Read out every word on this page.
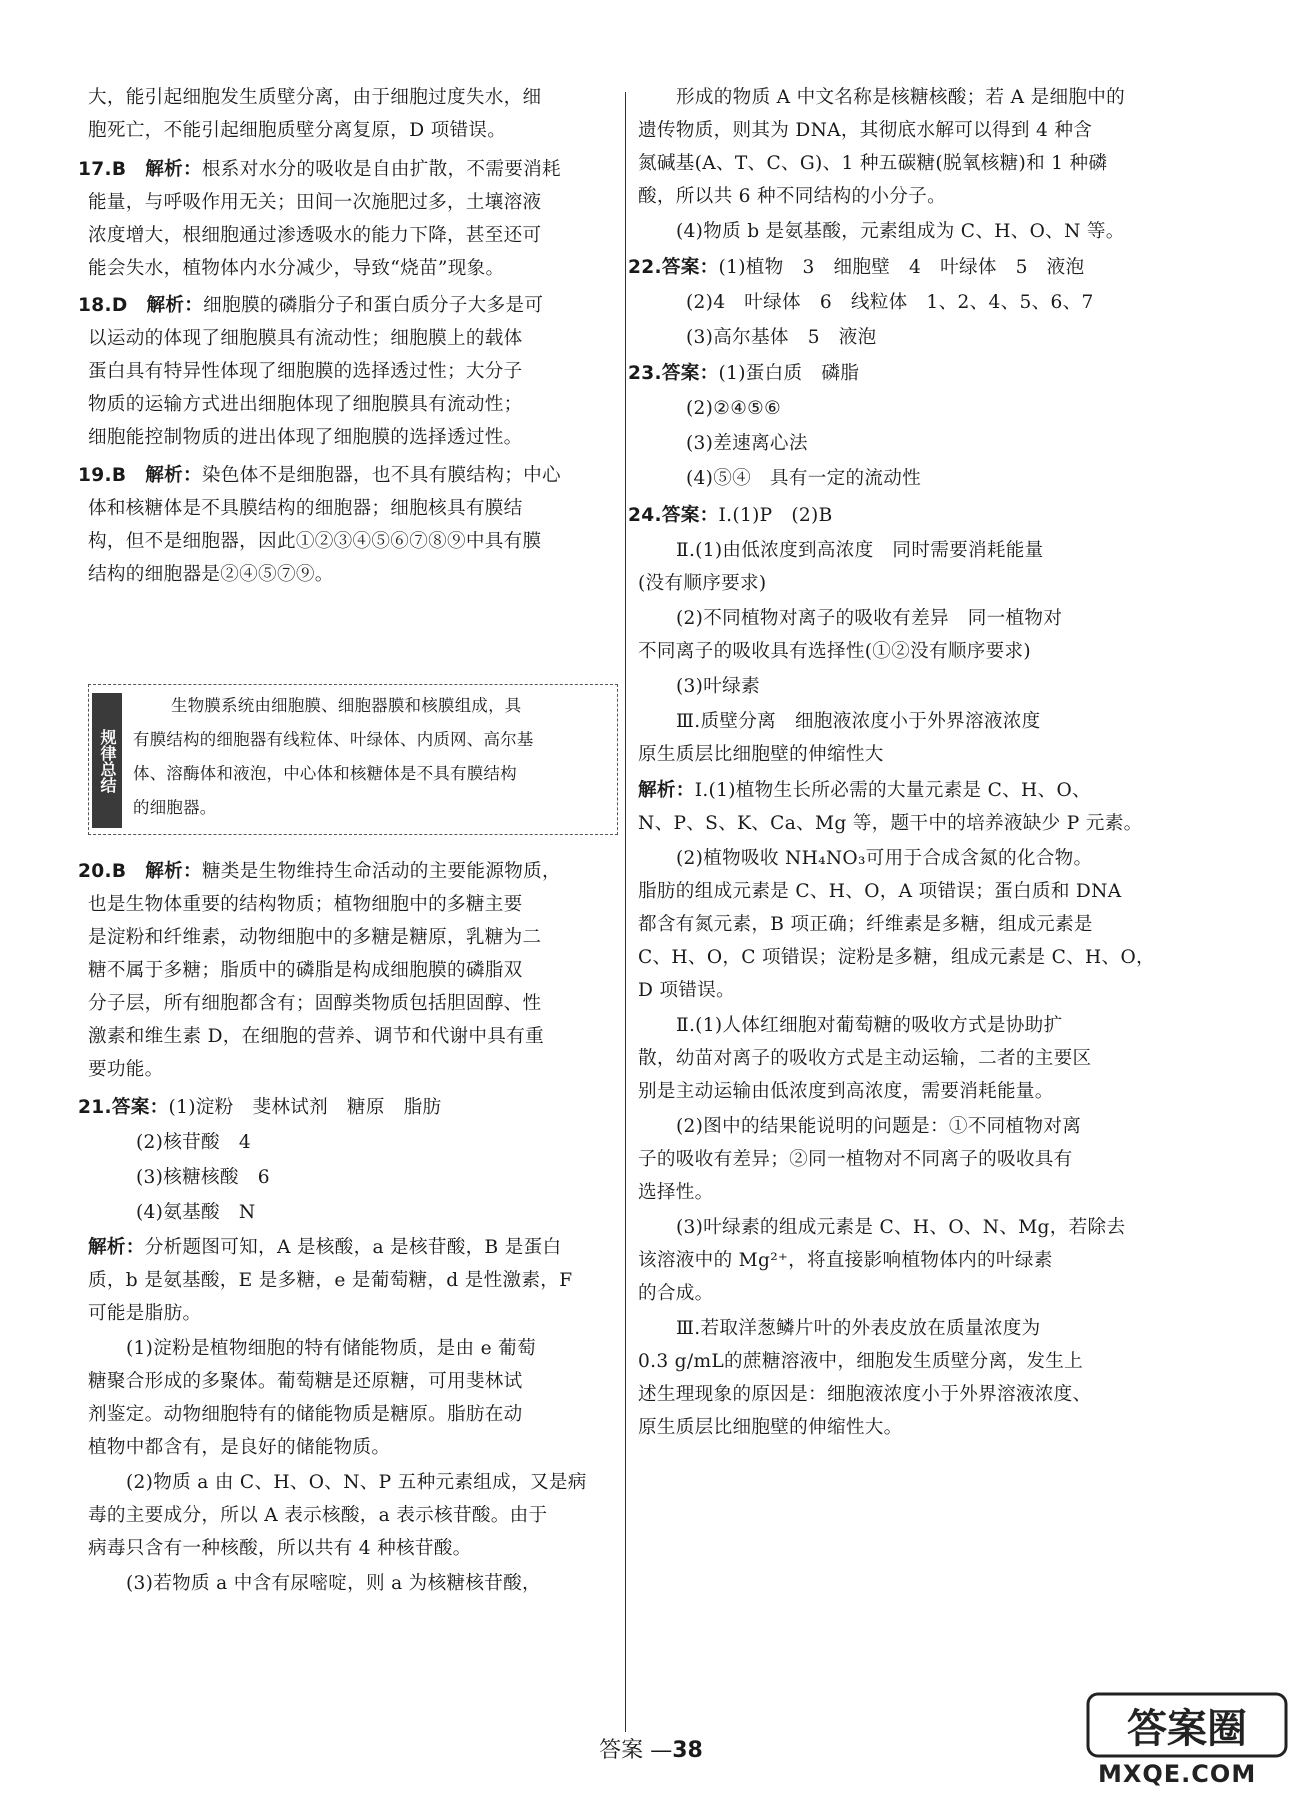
大，能引起细胞发生质壁分离，由于细胞过度失水，细
胞死亡，不能引起细胞质壁分离复原，D 项错误。
17.B　 解析：根系对水分的吸收是自由扩散，不需要消耗
能量，与呼吸作用无关；田间一次施肥过多，土壤溶液
浓度增大，根细胞通过渗透吸水的能力下降，甚至还可
能会失水，植物体内水分减少，导致“烧苗”现象。
18.D　 解析：细胞膜的磷脂分子和蛋白质分子大多是可
以运动的体现了细胞膜具有流动性；细胞膜上的载体
蛋白具有特异性体现了细胞膜的选择透过性；大分子
物质的运输方式进出细胞体现了细胞膜具有流动性；
细胞能控制物质的进出体现了细胞膜的选择透过性。
19.B　 解析：染色体不是细胞器，也不具有膜结构；中心
体和核糖体是不具膜结构的细胞器；细胞核具有膜结
构，但不是细胞器，因此①②③④⑤⑥⑦⑧⑨中具有膜
结构的细胞器是②④⑤⑦⑨。
规律总结
生物膜系统由细胞膜、细胞器膜和核膜组成，具
有膜结构的细胞器有线粒体、叶绿体、内质网、高尔基
体、溶酶体和液泡，中心体和核糖体是不具有膜结构
的细胞器。
20.B　 解析：糖类是生物维持生命活动的主要能源物质，
也是生物体重要的结构物质；植物细胞中的多糖主要
是淀粉和纤维素，动物细胞中的多糖是糖原，乳糖为二
糖不属于多糖；脂质中的磷脂是构成细胞膜的磷脂双
分子层，所有细胞都含有；固醇类物质包括胆固醇、性
激素和维生素 D，在细胞的营养、调节和代谢中具有重
要功能。
21.答案：(1)淀粉　斐林试剂　糖原　脂肪
(2)核苷酸　4
(3)核糖核酸　6
(4)氨基酸　N
解析：分析题图可知，A 是核酸，a 是核苷酸，B 是蛋白
质，b 是氨基酸，E 是多糖，e 是葡萄糖，d 是性激素，F
可能是脂肪。
(1)淀粉是植物细胞的特有储能物质，是由 e 葡萄
糖聚合形成的多聚体。葡萄糖是还原糖，可用斐林试
剂鉴定。动物细胞特有的储能物质是糖原。脂肪在动
植物中都含有，是良好的储能物质。
(2)物质 a 由 C、H、O、N、P 五种元素组成，又是病
毒的主要成分，所以 A 表示核酸，a 表示核苷酸。由于
病毒只含有一种核酸，所以共有 4 种核苷酸。
(3)若物质 a 中含有尿嘧啶，则 a 为核糖核苷酸，
形成的物质 A 中文名称是核糖核酸；若 A 是细胞中的
遗传物质，则其为 DNA，其彻底水解可以得到 4 种含
氮碱基(A、T、C、G)、1 种五碳糖(脱氧核糖)和 1 种磷
酸，所以共 6 种不同结构的小分子。
(4)物质 b 是氨基酸，元素组成为 C、H、O、N 等。
22.答案：(1)植物　3　细胞壁　4　叶绿体　5　液泡
(2)4　叶绿体　6　线粒体　1、2、4、5、6、7
(3)高尔基体　5　液泡
23.答案：(1)蛋白质　磷脂
(2)②④⑤⑥
(3)差速离心法
(4)⑤④　具有一定的流动性
24.答案：Ⅰ.(1)P　(2)B
Ⅱ.(1)由低浓度到高浓度　同时需要消耗能量
(没有顺序要求)
(2)不同植物对离子的吸收有差异　同一植物对
不同离子的吸收具有选择性(①②没有顺序要求)
(3)叶绿素
Ⅲ.质壁分离　细胞液浓度小于外界溶液浓度
原生质层比细胞壁的伸缩性大
解析：Ⅰ.(1)植物生长所必需的大量元素是 C、H、O、
N、P、S、K、Ca、Mg 等，题干中的培养液缺少 P 元素。
(2)植物吸收 NH₄NO₃可用于合成含氮的化合物。
脂肪的组成元素是 C、H、O，A 项错误；蛋白质和 DNA
都含有氮元素，B 项正确；纤维素是多糖，组成元素是
C、H、O，C 项错误；淀粉是多糖，组成元素是 C、H、O，
D 项错误。
Ⅱ.(1)人体红细胞对葡萄糖的吸收方式是协助扩
散，幼苗对离子的吸收方式是主动运输，二者的主要区
别是主动运输由低浓度到高浓度，需要消耗能量。
(2)图中的结果能说明的问题是：①不同植物对离
子的吸收有差异；②同一植物对不同离子的吸收具有
选择性。
(3)叶绿素的组成元素是 C、H、O、N、Mg，若除去
该溶液中的 Mg²⁺，将直接影响植物体内的叶绿素
的合成。
Ⅲ.若取洋葱鳞片叶的外表皮放在质量浓度为
0.3 g/mL的蔗糖溶液中，细胞发生质壁分离，发生上
述生理现象的原因是：细胞液浓度小于外界溶液浓度、
原生质层比细胞壁的伸缩性大。
答案 —38	答案圈
MXQE.COM
